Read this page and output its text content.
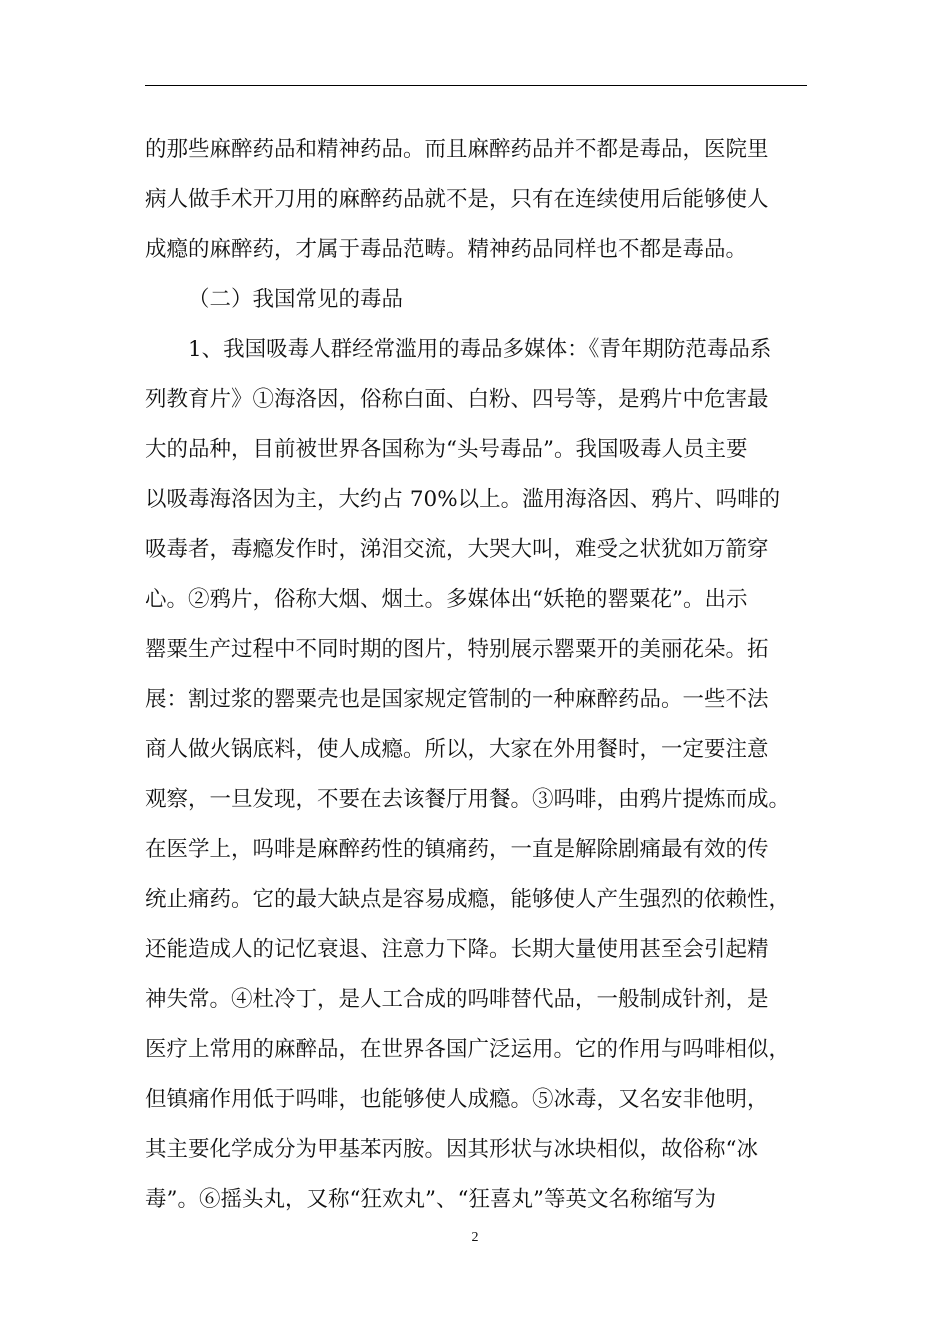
的那些麻醉药品和精神药品。而且麻醉药品并不都是毒品，医院里
病人做手术开刀用的麻醉药品就不是，只有在连续使用后能够使人
成瘾的麻醉药，才属于毒品范畴。精神药品同样也不都是毒品。
（二）我国常见的毒品
1、我国吸毒人群经常滥用的毒品多媒体：《青年期防范毒品系
列教育片》①海洛因，俗称白面、白粉、四号等，是鸦片中危害最
大的品种，目前被世界各国称为“头号毒品”。我国吸毒人员主要
以吸毒海洛因为主，大约占 70%以上。滥用海洛因、鸦片、吗啡的
吸毒者，毒瘾发作时，涕泪交流，大哭大叫，难受之状犹如万箭穿
心。②鸦片，俗称大烟、烟土。多媒体出“妖艳的罂粟花”。出示
罂粟生产过程中不同时期的图片，特别展示罂粟开的美丽花朵。拓
展：割过浆的罂粟壳也是国家规定管制的一种麻醉药品。一些不法
商人做火锅底料，使人成瘾。所以，大家在外用餐时，一定要注意
观察，一旦发现，不要在去该餐厅用餐。③吗啡，由鸦片提炼而成。
在医学上，吗啡是麻醉药性的镇痛药，一直是解除剧痛最有效的传
统止痛药。它的最大缺点是容易成瘾，能够使人产生强烈的依赖性，
还能造成人的记忆衰退、注意力下降。长期大量使用甚至会引起精
神失常。④杜冷丁，是人工合成的吗啡替代品，一般制成针剂，是
医疗上常用的麻醉品，在世界各国广泛运用。它的作用与吗啡相似，
但镇痛作用低于吗啡，也能够使人成瘾。⑤冰毒，又名安非他明，
其主要化学成分为甲基苯丙胺。因其形状与冰块相似，故俗称“冰
毒”。⑥摇头丸，又称“狂欢丸”、“狂喜丸”等英文名称缩写为
2
